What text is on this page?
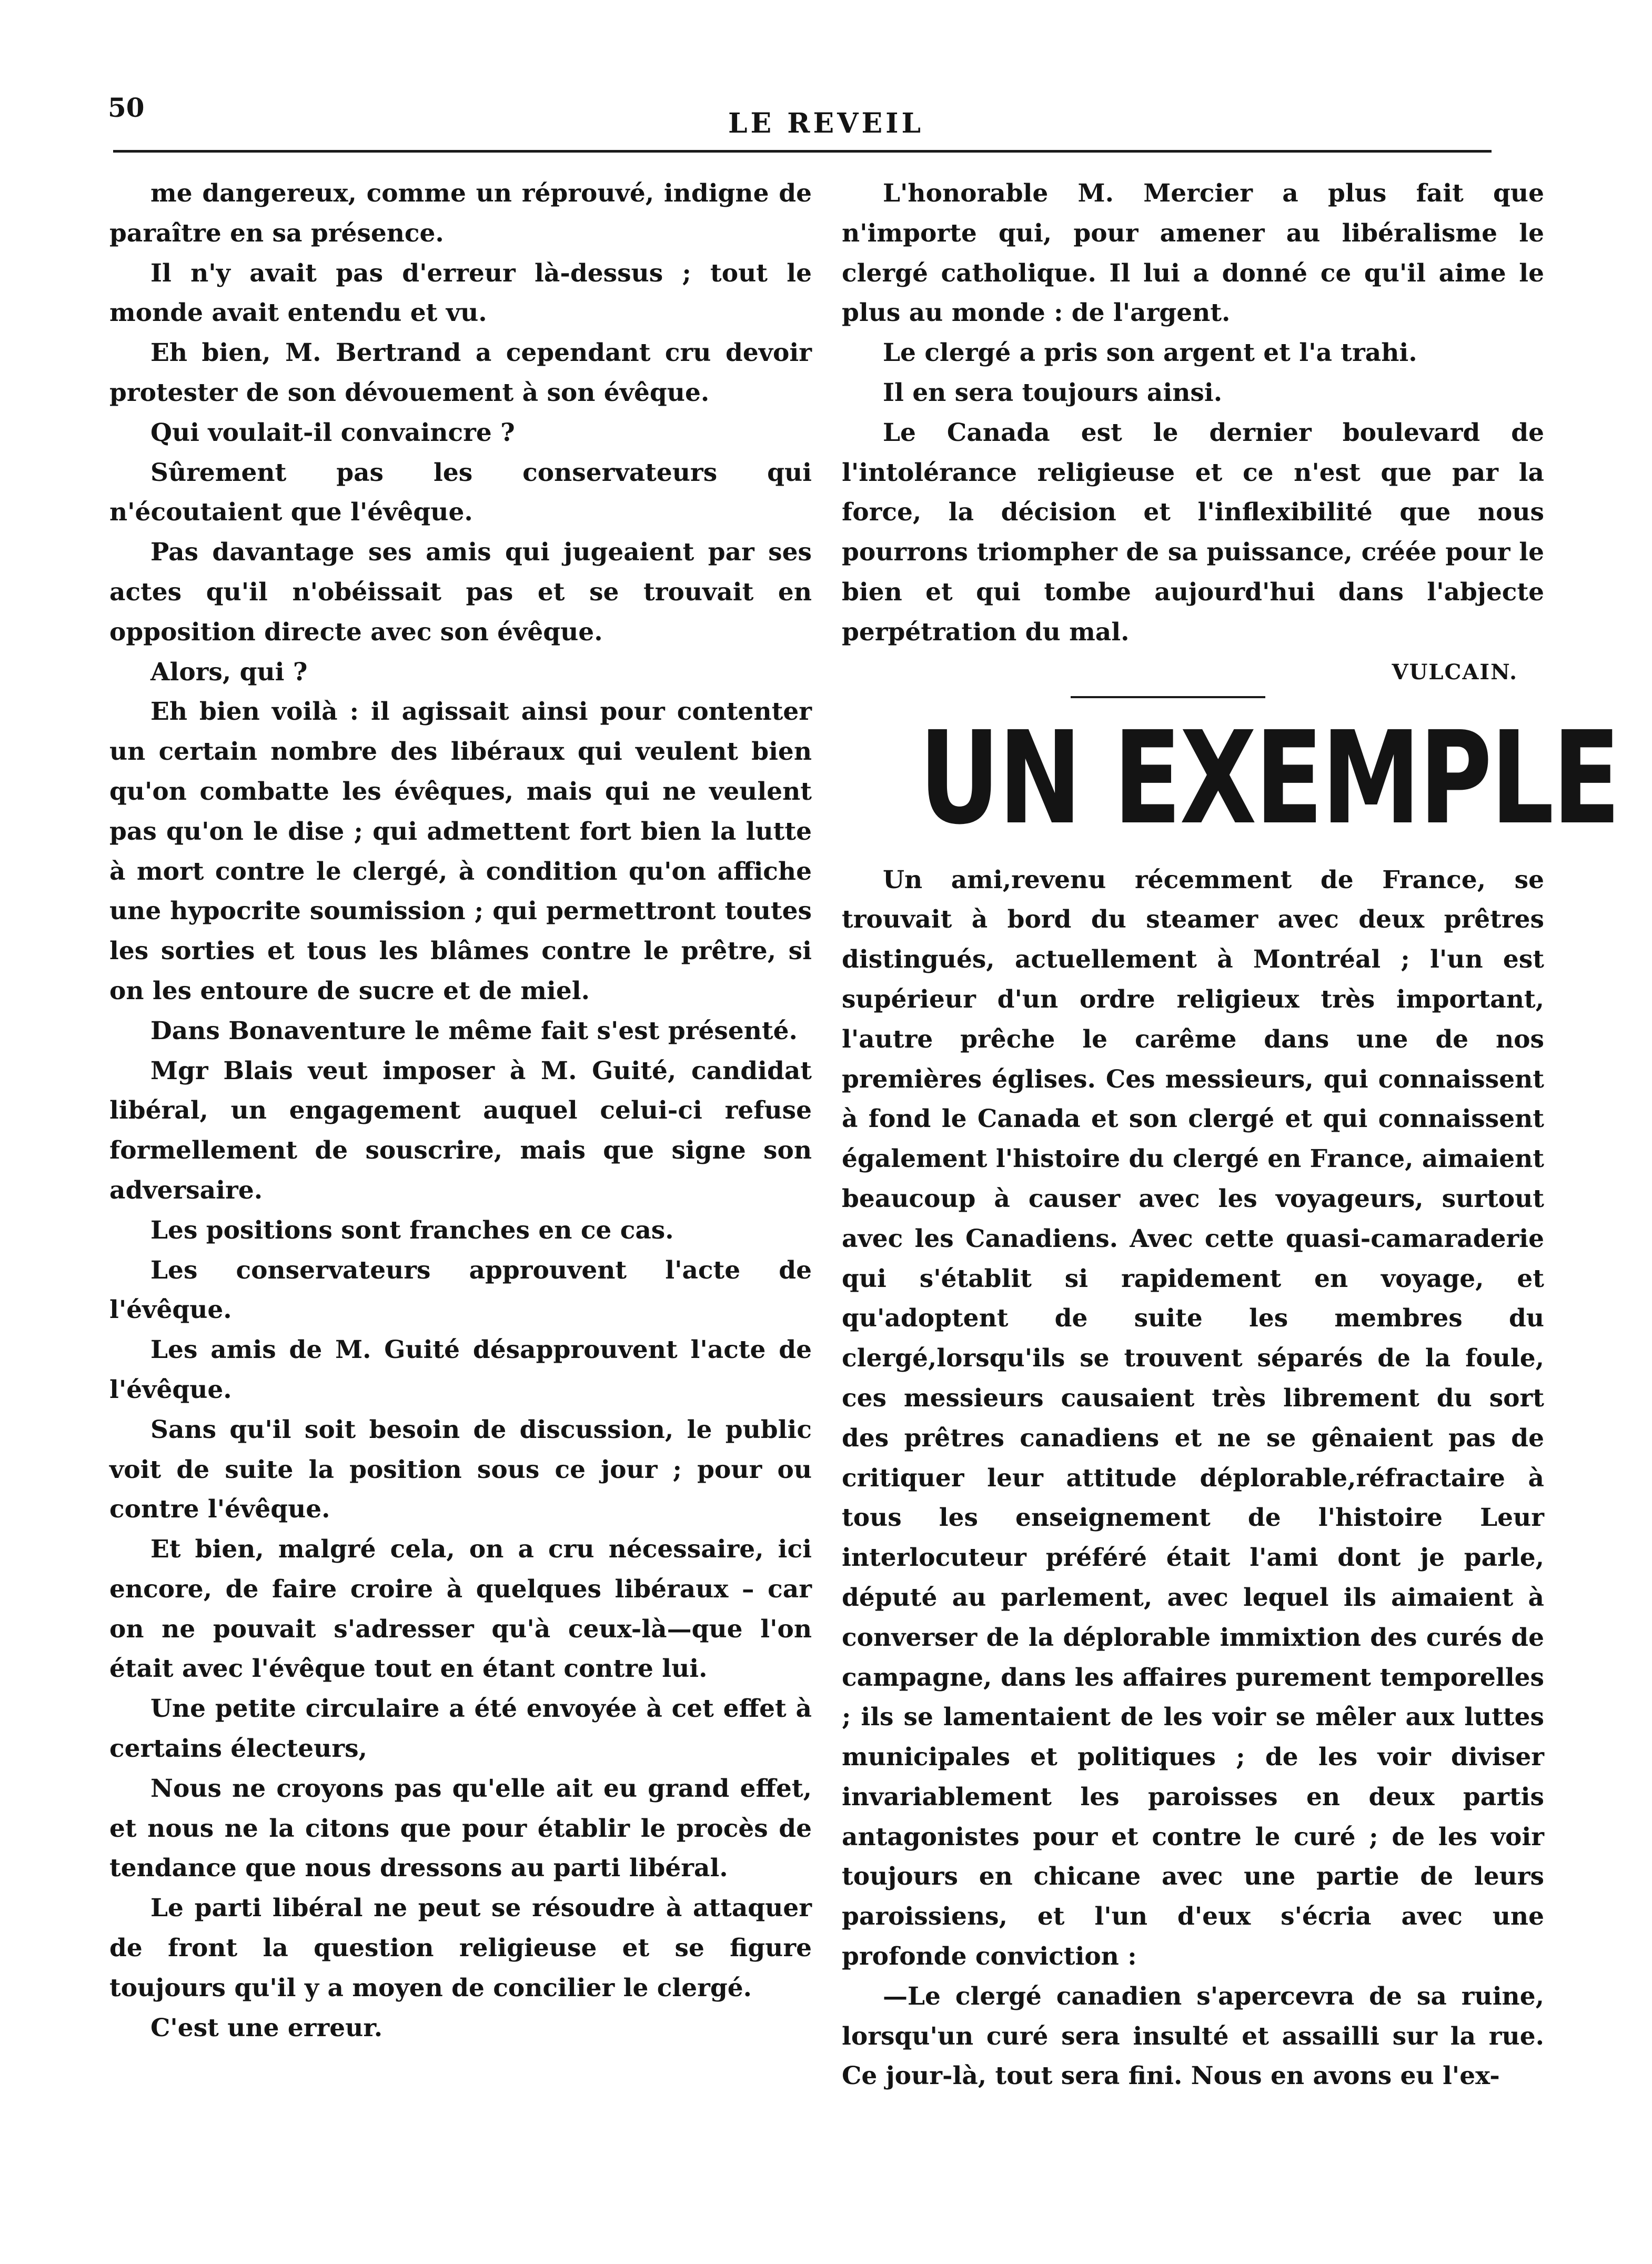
50	LE REVEIL

me dangereux, comme un réprouvé, indigne de paraître en sa présence.

Il n'y avait pas d'erreur là-dessus ; tout le monde avait entendu et vu.

Eh bien, M. Bertrand a cependant cru devoir protester de son dévouement à son évêque.

Qui voulait-il convaincre ?

Sûrement pas les conservateurs qui n'écoutaient que l'évêque.

Pas davantage ses amis qui jugeaient par ses actes qu'il n'obéissait pas et se trouvait en opposition directe avec son évêque.

Alors, qui ?

Eh bien voilà : il agissait ainsi pour contenter un certain nombre des libéraux qui veulent bien qu'on combatte les évêques, mais qui ne veulent pas qu'on le dise ; qui admettent fort bien la lutte à mort contre le clergé, à condition qu'on affiche une hypocrite soumission ; qui permettront toutes les sorties et tous les blâmes contre le prêtre, si on les entoure de sucre et de miel.

Dans Bonaventure le même fait s'est présenté.

Mgr Blais veut imposer à M. Guité, candidat libéral, un engagement auquel celui-ci refuse formellement de souscrire, mais que signe son adversaire.

Les positions sont franches en ce cas.

Les conservateurs approuvent l'acte de l'évêque.

Les amis de M. Guité désapprouvent l'acte de l'évêque.

Sans qu'il soit besoin de discussion, le public voit de suite la position sous ce jour ; pour ou contre l'évêque.

Et bien, malgré cela, on a cru nécessaire, ici encore, de faire croire à quelques libéraux – car on ne pouvait s'adresser qu'à ceux-là—que l'on était avec l'évêque tout en étant contre lui.

Une petite circulaire a été envoyée à cet effet à certains électeurs,

Nous ne croyons pas qu'elle ait eu grand effet, et nous ne la citons que pour établir le procès de tendance que nous dressons au parti libéral.

Le parti libéral ne peut se résoudre à attaquer de front la question religieuse et se figure toujours qu'il y a moyen de concilier le clergé.

C'est une erreur.

L'honorable M. Mercier a plus fait que n'importe qui, pour amener au libéralisme le clergé catholique. Il lui a donné ce qu'il aime le plus au monde : de l'argent.

Le clergé a pris son argent et l'a trahi.

Il en sera toujours ainsi.

Le Canada est le dernier boulevard de l'intolérance religieuse et ce n'est que par la force, la décision et l'inflexibilité que nous pourrons triompher de sa puissance, créée pour le bien et qui tombe aujourd'hui dans l'abjecte perpétration du mal.

VULCAIN.
UN EXEMPLE

Un ami,revenu récemment de France, se trouvait à bord du steamer avec deux prêtres distingués, actuellement à Montréal ; l'un est supérieur d'un ordre religieux très important, l'autre prêche le carême dans une de nos premières églises. Ces messieurs, qui connaissent à fond le Canada et son clergé et qui connaissent également l'histoire du clergé en France, aimaient beaucoup à causer avec les voyageurs, surtout avec les Canadiens. Avec cette quasi-camaraderie qui s'établit si rapidement en voyage, et qu'adoptent de suite les membres du clergé,lorsqu'ils se trouvent séparés de la foule, ces messieurs causaient très librement du sort des prêtres canadiens et ne se gênaient pas de critiquer leur attitude déplorable,réfractaire à tous les enseignement de l'histoire Leur interlocuteur préféré était l'ami dont je parle, député au parlement, avec lequel ils aimaient à converser de la déplorable immixtion des curés de campagne, dans les affaires purement temporelles ; ils se lamentaient de les voir se mêler aux luttes municipales et politiques ; de les voir diviser invariablement les paroisses en deux partis antagonistes pour et contre le curé ; de les voir toujours en chicane avec une partie de leurs paroissiens, et l'un d'eux s'écria avec une profonde conviction :

—Le clergé canadien s'apercevra de sa ruine, lorsqu'un curé sera insulté et assailli sur la rue. Ce jour-là, tout sera fini. Nous en avons eu l'ex-
